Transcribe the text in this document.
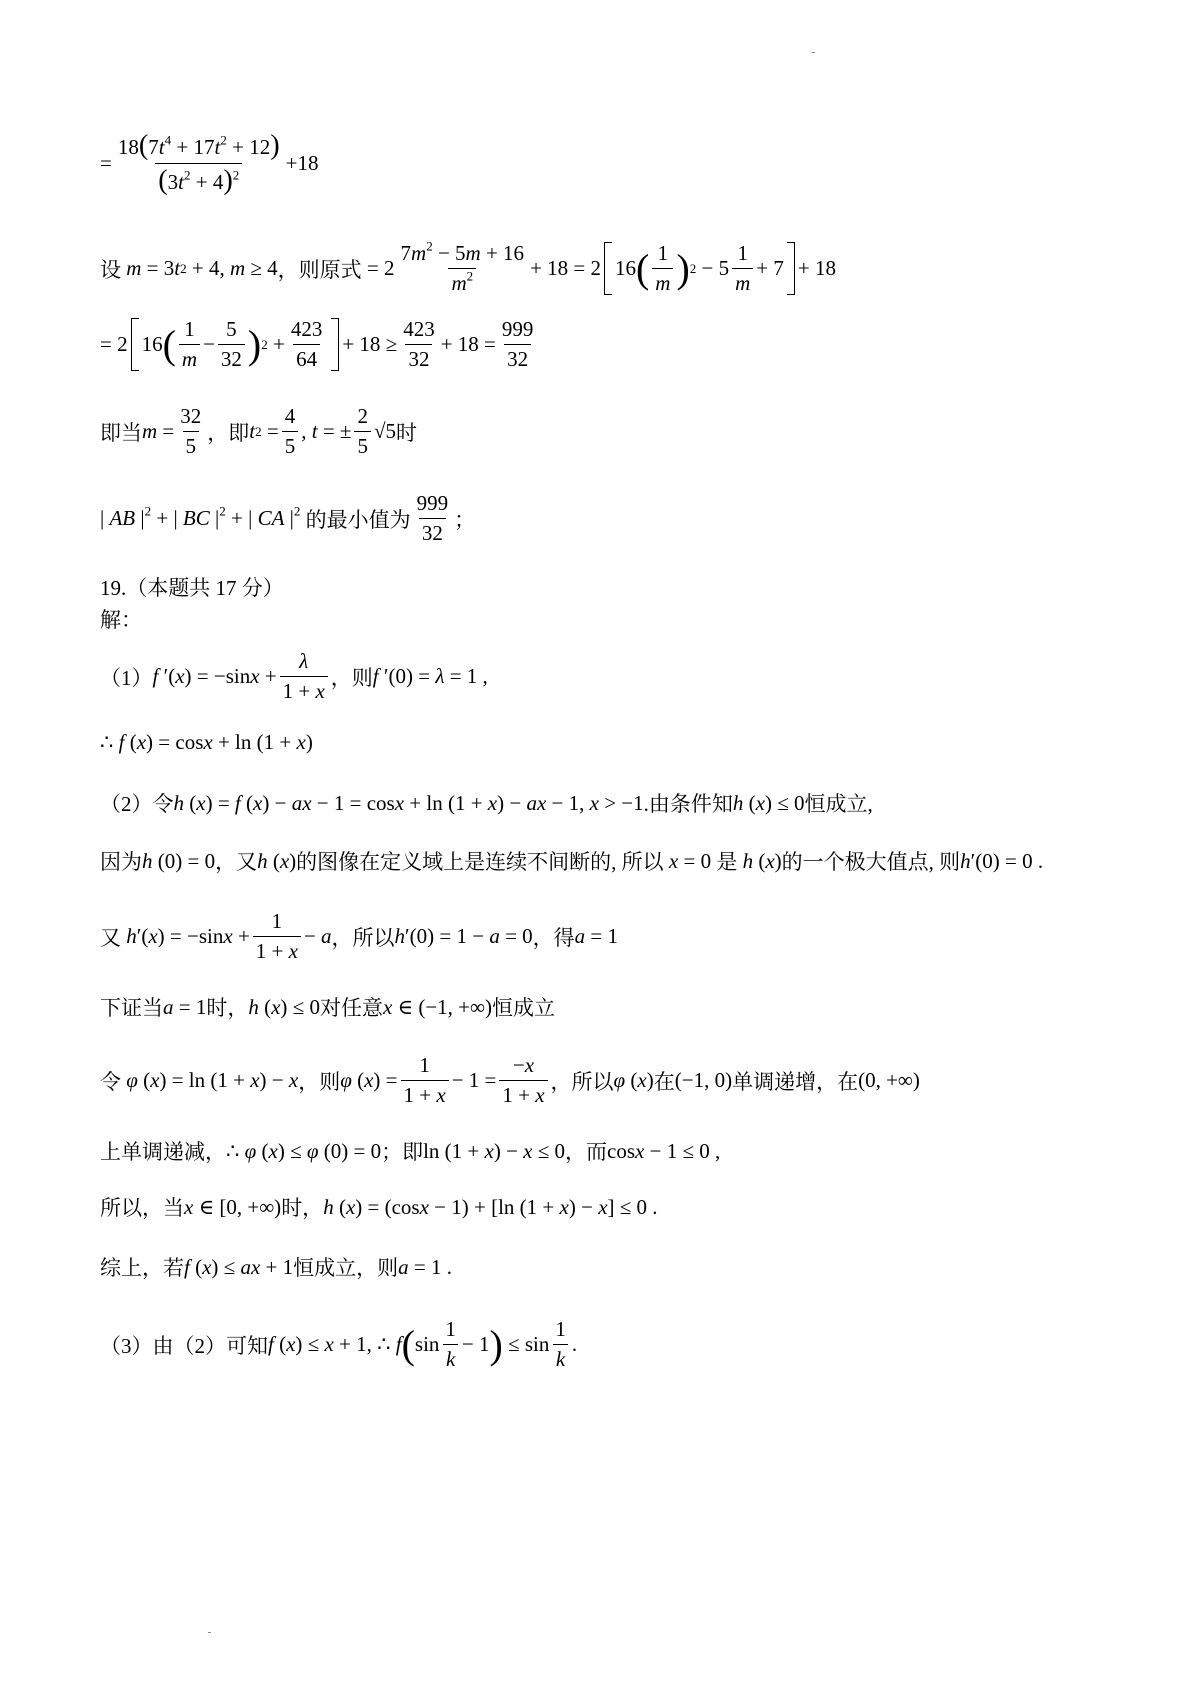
= $\frac{18(7t^4 + 17t^2 + 12)}{(3t^2 + 4)^2} +18$
设 m = 3 t 2 + 4, m ≥ 4 ，则原式 = $2 \frac{7m^2 - 5m + 16}{m^2} + 18 = 2$ 16 ( $\frac{1}{m}$ ) $2 - 5 \frac{1}{m} + 7 + 18$
= 2 16 ( $\frac{1}{m} - \frac{5}{32}$ ) $2 + \frac{423}{64} + 18 \ge \frac{423}{32} + 18 = \frac{999}{32}$
即当 $m = \frac{32}{5}$ ，即 t $2 = \frac{4}{5}$ , t = ± $\frac{2}{5} √5$ 时
| AB $|^2$ + | BC $|^2$ + | CA $|^2$ 的最小值为 $\frac{999}{32}$ ；
19.（本题共 17 分）
解：
（1） f ′( x ) = −sin $x + \frac{\lambda}{1 + x}$ ，则 f ′(0) = λ = 1 ,
∴ f ( x ) = cos x + ln (1 + x )
（2）令 h ( x ) = f ( x ) − ax − 1 = cos x + ln (1 + x ) − ax − 1, x > −1 .由条件知 h ( x ) ≤ 0 恒成立,
因为 h (0) = 0 ，又 h ( x ) 的图像在定义域上是连续不间断的, 所以 x = 0 是 h ( x ) 的一个极大值点, 则 h ′(0) = 0 .
又 h ′( x ) = −sin $x + \frac{1}{1 + x} - a$ ，所以 h ′(0) = 1 − a = 0 ，得 a = 1
下证当 a = 1 时， h ( x ) ≤ 0 对任意 x ∈ (−1, +∞) 恒成立
令 φ ( x ) = ln (1 + x ) − x ，则 φ ( x ) = $\frac{1}{1 + x} - 1 = \frac{-x}{1 + x}$ ，所以 φ ( x ) 在 (−1, 0) 单调递增，在 (0, +∞)
上单调递减， ∴ φ ( x ) ≤ φ (0) = 0 ；即 ln (1 + x ) − x ≤ 0 ，而 cos x − 1 ≤ 0 ,
所以，当 x ∈ [0, +∞) 时， h ( x ) = (cos x − 1) + [ln (1 + x ) − x ] ≤ 0 .
综上，若 f ( x ) ≤ ax + 1 恒成立，则 a = 1 .
（3）由（2）可知 f ( x ) ≤ x + 1, ∴ f ( $\sin \frac{1}{k} - 1$ )
≤ $\sin \frac{1}{k}$ .
